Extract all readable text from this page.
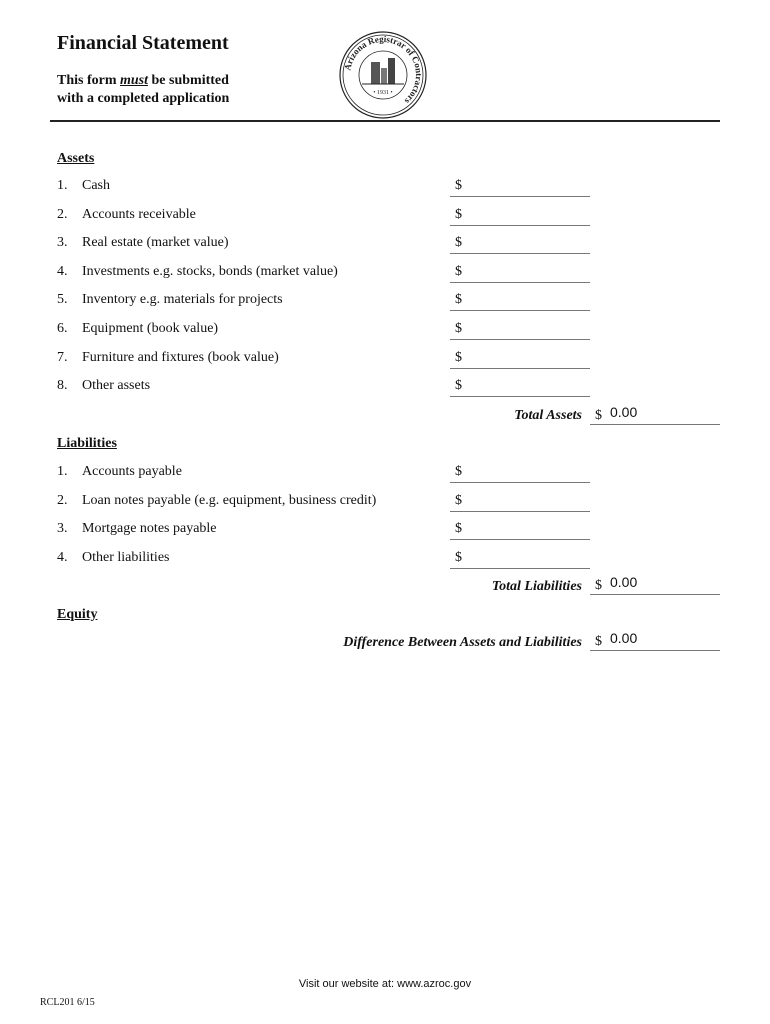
Financial Statement
This form must be submitted
with a completed application
Arizona Registrar of Contractors
• 1931 •
Assets
1.	Cash	$
2.	Accounts receivable	$
3.	Real estate (market value)	$
4.	Investments e.g. stocks, bonds (market value)	$
5.	Inventory e.g. materials for projects	$
6.	Equipment (book value)	$
7.	Furniture and fixtures (book value)	$
8.	Other assets	$
Total Assets $ 0.00
Liabilities
1.	Accounts payable	$
2.	Loan notes payable (e.g. equipment, business credit)	$
3.	Mortgage notes payable	$
4.	Other liabilities	$
Total Liabilities $ 0.00
Equity
Difference Between Assets and Liabilities $ 0.00
Visit our website at: www.azroc.gov
RCL201 6/15
